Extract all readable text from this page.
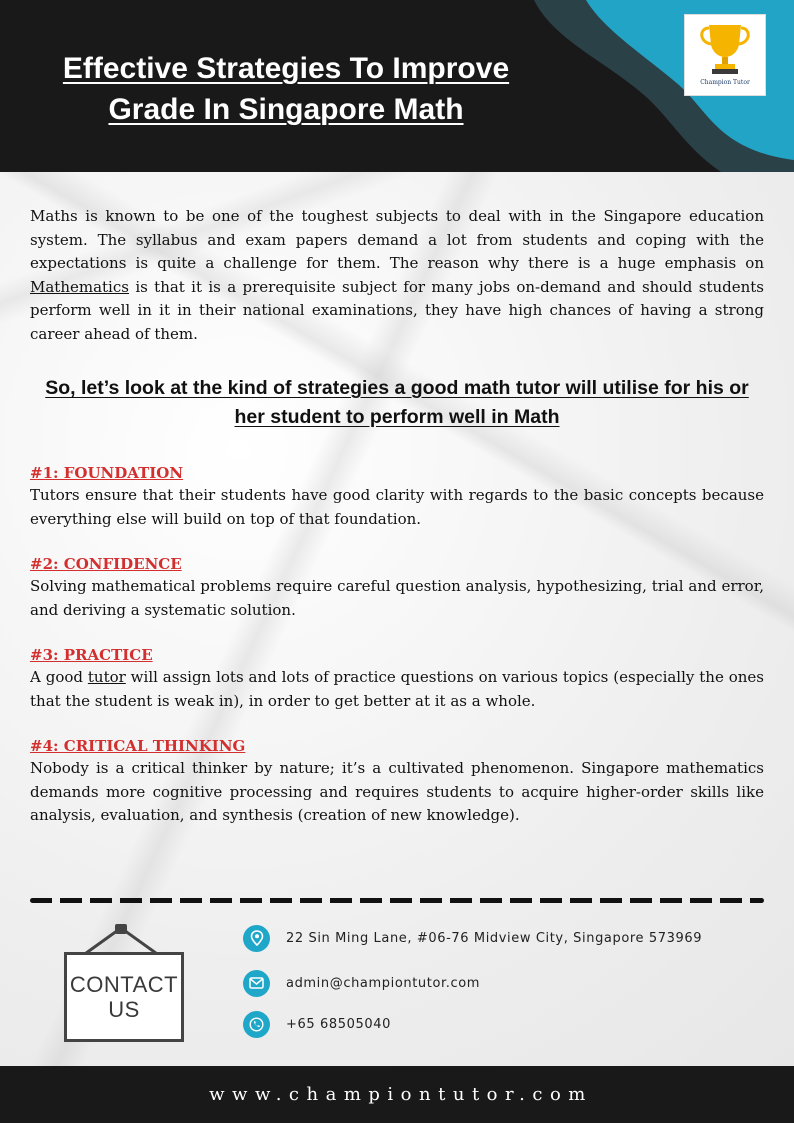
Effective Strategies To Improve Grade In Singapore Math
Champion Tutor

Maths is known to be one of the toughest subjects to deal with in the Singapore education system. The syllabus and exam papers demand a lot from students and coping with the expectations is quite a challenge for them. The reason why there is a huge emphasis on Mathematics is that it is a prerequisite subject for many jobs on-demand and should students perform well in it in their national examinations, they have high chances of having a strong career ahead of them.

So, let’s look at the kind of strategies a good math tutor will utilise for his or her student to perform well in Math
#1: FOUNDATION

Tutors ensure that their students have good clarity with regards to the basic concepts because everything else will build on top of that foundation.

#2: CONFIDENCE

Solving mathematical problems require careful question analysis, hypothesizing, trial and error, and deriving a systematic solution.

#3: PRACTICE

A good tutor will assign lots and lots of practice questions on various topics (especially the ones that the student is weak in), in order to get better at it as a whole.

#4: CRITICAL THINKING

Nobody is a critical thinker by nature; it’s a cultivated phenomenon. Singapore mathematics demands more cognitive processing and requires students to acquire higher-order skills like analysis, evaluation, and synthesis (creation of new knowledge).

CONTACT
US
22 Sin Ming Lane, #06-76 Midview City, Singapore 573969
admin@championtutor.com
+65 68505040
www.championtutor.com
